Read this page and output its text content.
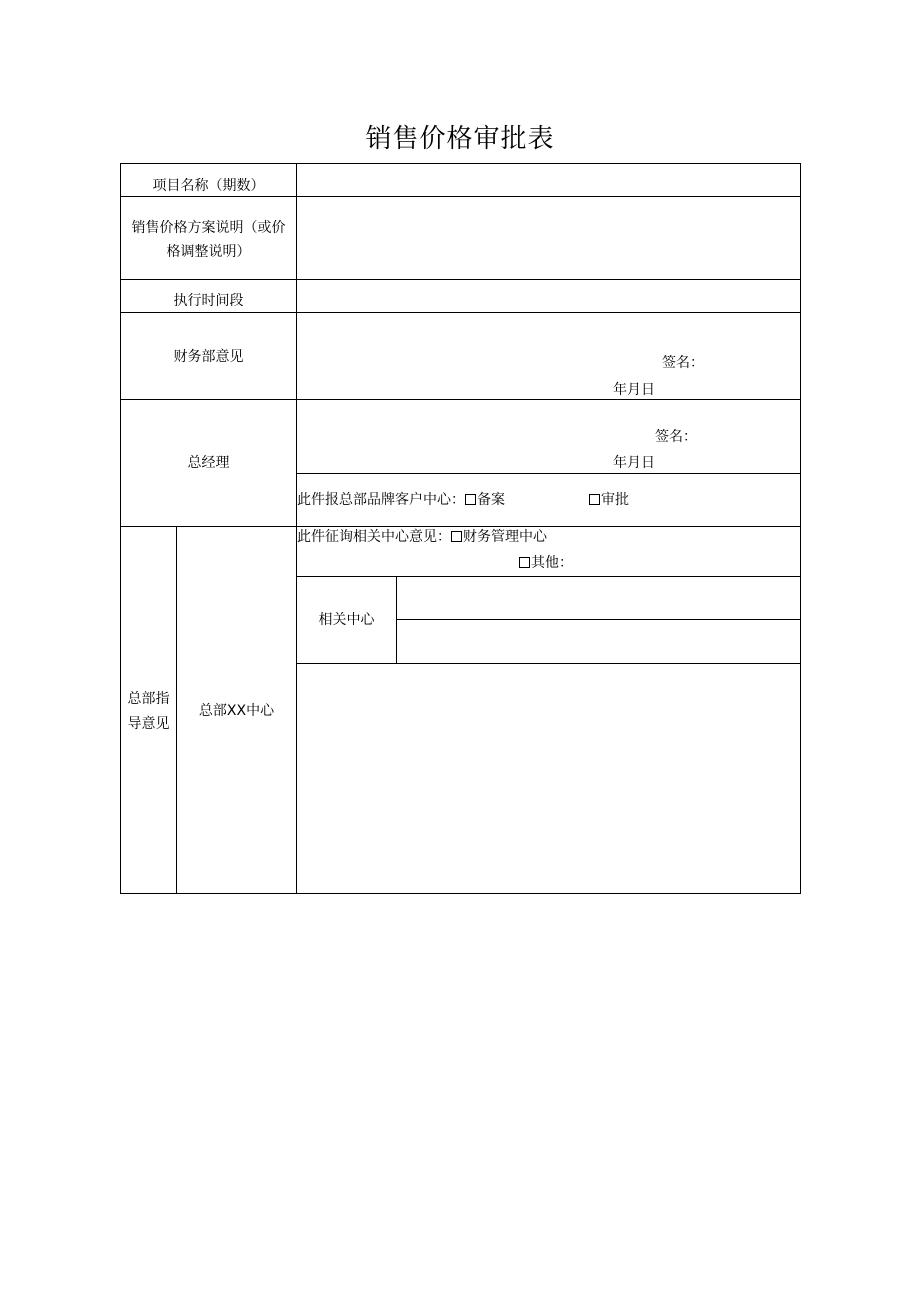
销售价格审批表
项目名称（期数）
销售价格方案说明（或价
格调整说明）
执行时间段
财务部意见	签名：
年月日
总经理
签名：
年月日
此件报总部品牌客户中心： 备案	审批
总部指
导意见
总部XX中心
此件征询相关中心意见： 财务管理中心
其他：
相关中心
